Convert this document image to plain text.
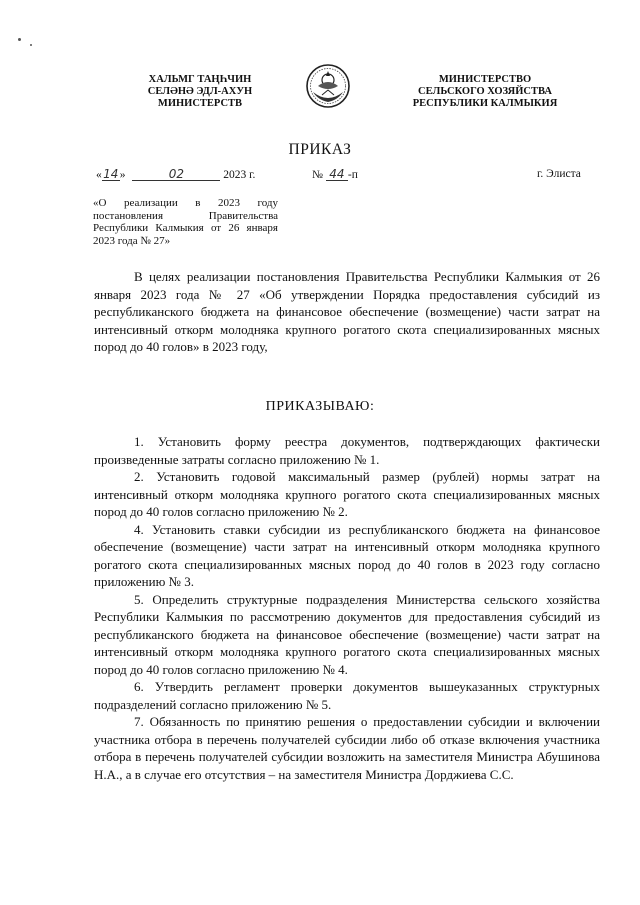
ХАЛЬМГ ТАҢҺЧИН
СЕЛӘНӘ ЭДЛ-АХУН
МИНИСТЕРСТВ
МИНИСТЕРСТВО
СЕЛЬСКОГО ХОЗЯЙСТВА
РЕСПУБЛИКИ КАЛМЫКИЯ
ПРИКАЗ
«14»	02	2023 г.	№ 44 -п	г. Элиста
«О реализации в 2023 году постановления Правительства Республики Калмыкия от 26 января 2023 года № 27»

В целях реализации постановления Правительства Республики Калмыкия от 26 января 2023 года № 27 «Об утверждении Порядка предоставления субсидий из республиканского бюджета на финансовое обеспечение (возмещение) части затрат на интенсивный откорм молодняка крупного рогатого скота специализированных мясных пород до 40 голов» в 2023 году,

ПРИКАЗЫВАЮ:

1. Установить форму реестра документов, подтверждающих фактически произведенные затраты согласно приложению № 1.

2. Установить годовой максимальный размер (рублей) нормы затрат на интенсивный откорм молодняка крупного рогатого скота специализированных мясных пород до 40 голов согласно приложению № 2.

4. Установить ставки субсидии из республиканского бюджета на финансовое обеспечение (возмещение) части затрат на интенсивный откорм молодняка крупного рогатого скота специализированных мясных пород до 40 голов в 2023 году согласно приложению № 3.

5. Определить структурные подразделения Министерства сельского хозяйства Республики Калмыкия по рассмотрению документов для предоставления субсидий из республиканского бюджета на финансовое обеспечение (возмещение) части затрат на интенсивный откорм молодняка крупного рогатого скота специализированных мясных пород до 40 голов согласно приложению № 4.

6. Утвердить регламент проверки документов вышеуказанных структурных подразделений согласно приложению № 5.

7. Обязанность по принятию решения о предоставлении субсидии и включении участника отбора в перечень получателей субсидии либо об отказе включения участника отбора в перечень получателей субсидии возложить на заместителя Министра Абушинова Н.А., а в случае его отсутствия – на заместителя Министра Дорджиева С.С.
